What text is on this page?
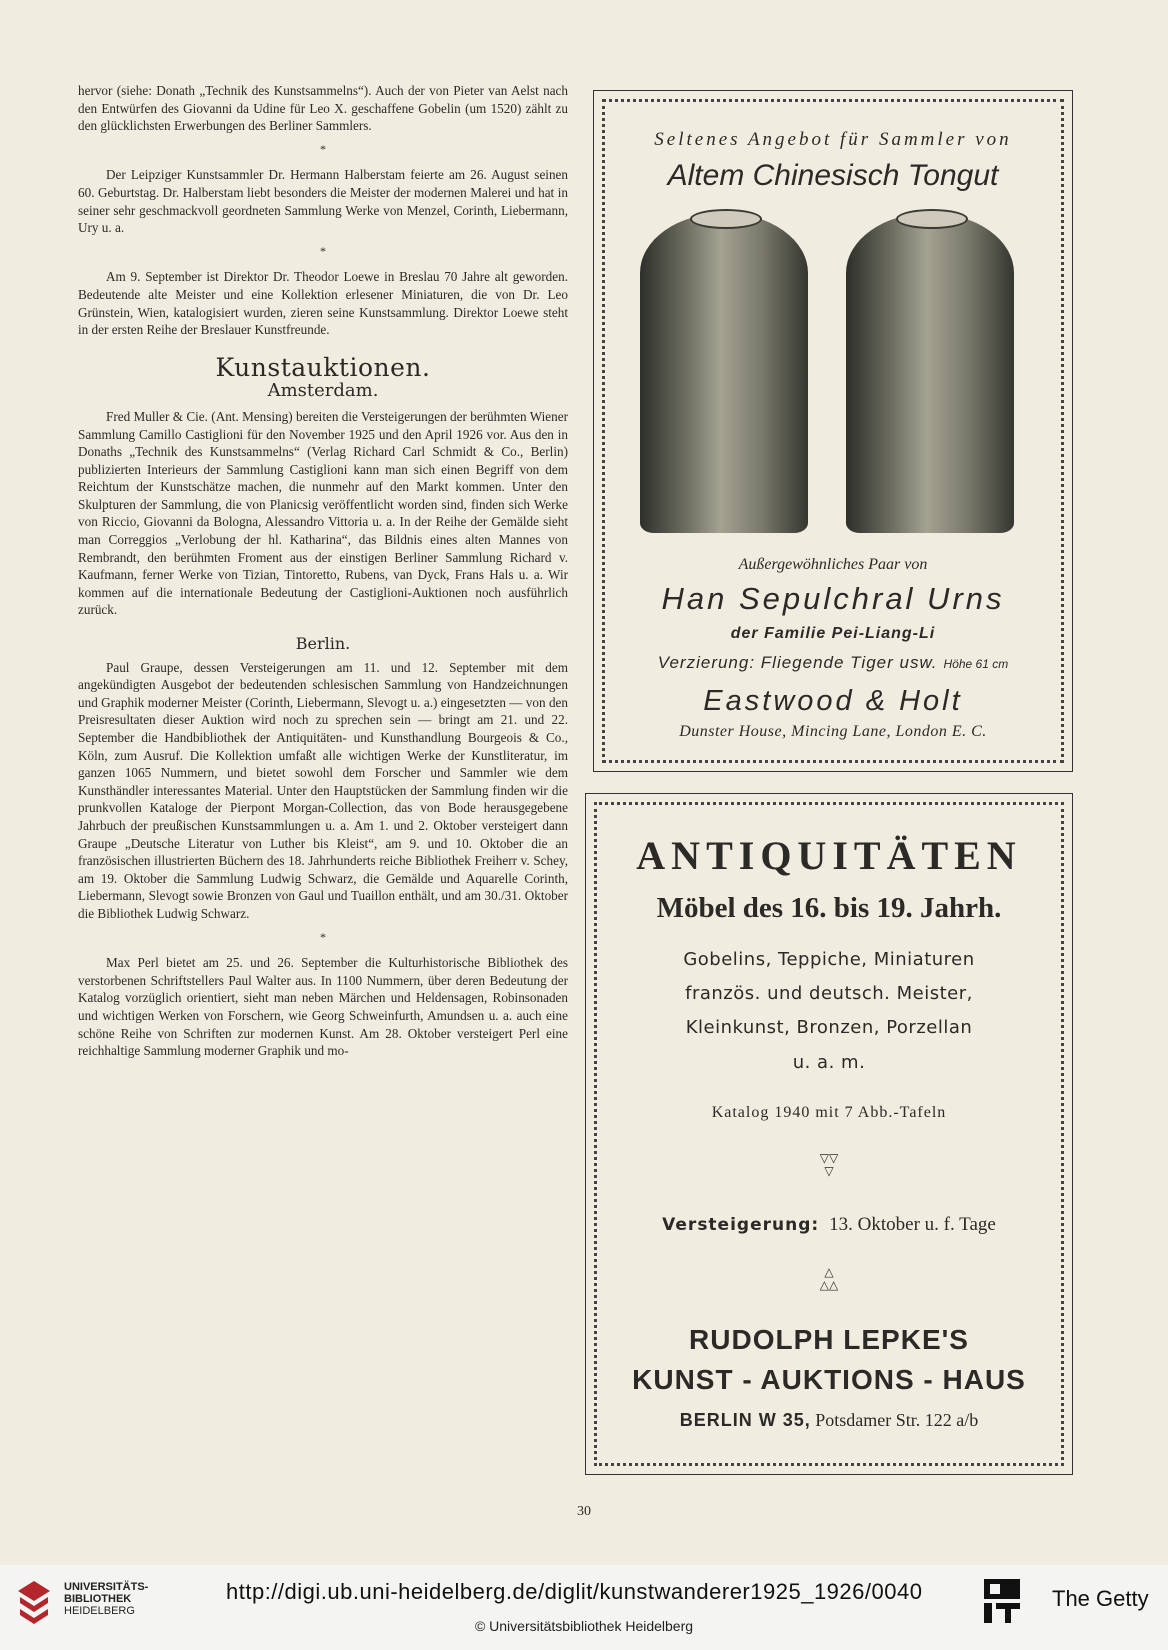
hervor (siehe: Donath „Technik des Kunstsammelns“). Auch der von Pieter van Aelst nach den Entwürfen des Giovanni da Udine für Leo X. geschaffene Gobelin (um 1520) zählt zu den glücklichsten Erwerbungen des Berliner Sammlers.

*

Der Leipziger Kunstsammler Dr. Hermann Halberstam feierte am 26. August seinen 60. Geburtstag. Dr. Halberstam liebt besonders die Meister der modernen Malerei und hat in seiner sehr geschmackvoll geordneten Sammlung Werke von Menzel, Corinth, Liebermann, Ury u. a.

*

Am 9. September ist Direktor Dr. Theodor Loewe in Breslau 70 Jahre alt geworden. Bedeutende alte Meister und eine Kollektion erlesener Miniaturen, die von Dr. Leo Grünstein, Wien, katalogisiert wurden, zieren seine Kunstsammlung. Direktor Loewe steht in der ersten Reihe der Breslauer Kunstfreunde.

Kunstauktionen.
Amsterdam.

Fred Muller & Cie. (Ant. Mensing) bereiten die Versteigerungen der berühmten Wiener Sammlung Camillo Castiglioni für den November 1925 und den April 1926 vor. Aus den in Donaths „Technik des Kunstsammelns“ (Verlag Richard Carl Schmidt & Co., Berlin) publizierten Interieurs der Sammlung Castiglioni kann man sich einen Begriff von dem Reichtum der Kunstschätze machen, die nunmehr auf den Markt kommen. Unter den Skulpturen der Sammlung, die von Planicsig veröffentlicht worden sind, finden sich Werke von Riccio, Giovanni da Bologna, Alessandro Vittoria u. a. In der Reihe der Gemälde sieht man Correggios „Verlobung der hl. Katharina“, das Bildnis eines alten Mannes von Rembrandt, den berühmten Froment aus der einstigen Berliner Sammlung Richard v. Kaufmann, ferner Werke von Tizian, Tintoretto, Rubens, van Dyck, Frans Hals u. a. Wir kommen auf die internationale Bedeutung der Castiglioni-Auktionen noch ausführlich zurück.

Berlin.

Paul Graupe, dessen Versteigerungen am 11. und 12. September mit dem angekündigten Ausgebot der bedeutenden schlesischen Sammlung von Handzeichnungen und Graphik moderner Meister (Corinth, Liebermann, Slevogt u. a.) eingesetzten — von den Preisresultaten dieser Auktion wird noch zu sprechen sein — bringt am 21. und 22. September die Handbibliothek der Antiquitäten- und Kunsthandlung Bourgeois & Co., Köln, zum Ausruf. Die Kollektion umfaßt alle wichtigen Werke der Kunstliteratur, im ganzen 1065 Nummern, und bietet sowohl dem Forscher und Sammler wie dem Kunsthändler interessantes Material. Unter den Hauptstücken der Sammlung finden wir die prunkvollen Kataloge der Pierpont Morgan-Collection, das von Bode herausgegebene Jahrbuch der preußischen Kunstsammlungen u. a. Am 1. und 2. Oktober versteigert dann Graupe „Deutsche Literatur von Luther bis Kleist“, am 9. und 10. Oktober die an französischen illustrierten Büchern des 18. Jahrhunderts reiche Bibliothek Freiherr v. Schey, am 19. Oktober die Sammlung Ludwig Schwarz, die Gemälde und Aquarelle Corinth, Liebermann, Slevogt sowie Bronzen von Gaul und Tuaillon enthält, und am 30./31. Oktober die Bibliothek Ludwig Schwarz.

*

Max Perl bietet am 25. und 26. September die Kulturhistorische Bibliothek des verstorbenen Schriftstellers Paul Walter aus. In 1100 Nummern, über deren Bedeutung der Katalog vorzüglich orientiert, sieht man neben Märchen und Heldensagen, Robinsonaden und wichtigen Werken von Forschern, wie Georg Schweinfurth, Amundsen u. a. auch eine schöne Reihe von Schriften zur modernen Kunst. Am 28. Oktober versteigert Perl eine reichhaltige Sammlung moderner Graphik und mo-

Seltenes Angebot für Sammler von
Altem Chinesisch Tongut
Außergewöhnliches Paar von
Han Sepulchral Urns
der Familie Pei-Liang-Li
Verzierung: Fliegende Tiger usw. Höhe 61 cm
Eastwood & Holt
Dunster House, Mincing Lane, London E. C.
ANTIQUITÄTEN
Möbel des 16. bis 19. Jahrh.
Gobelins, Teppiche, Miniaturen
französ. und deutsch. Meister,
Kleinkunst, Bronzen, Porzellan
u. a. m.
Katalog 1940 mit 7 Abb.-Tafeln
▽▽
▽
Versteigerung: 13. Oktober u. f. Tage
△
△△
RUDOLPH LEPKE'S
KUNST - AUKTIONS - HAUS
BERLIN W 35, Potsdamer Str. 122 a/b
30
UNIVERSITÄTS-
BIBLIOTHEK
HEIDELBERG
http://digi.ub.uni-heidelberg.de/diglit/kunstwanderer1925_1926/0040
© Universitätsbibliothek Heidelberg
The Getty
